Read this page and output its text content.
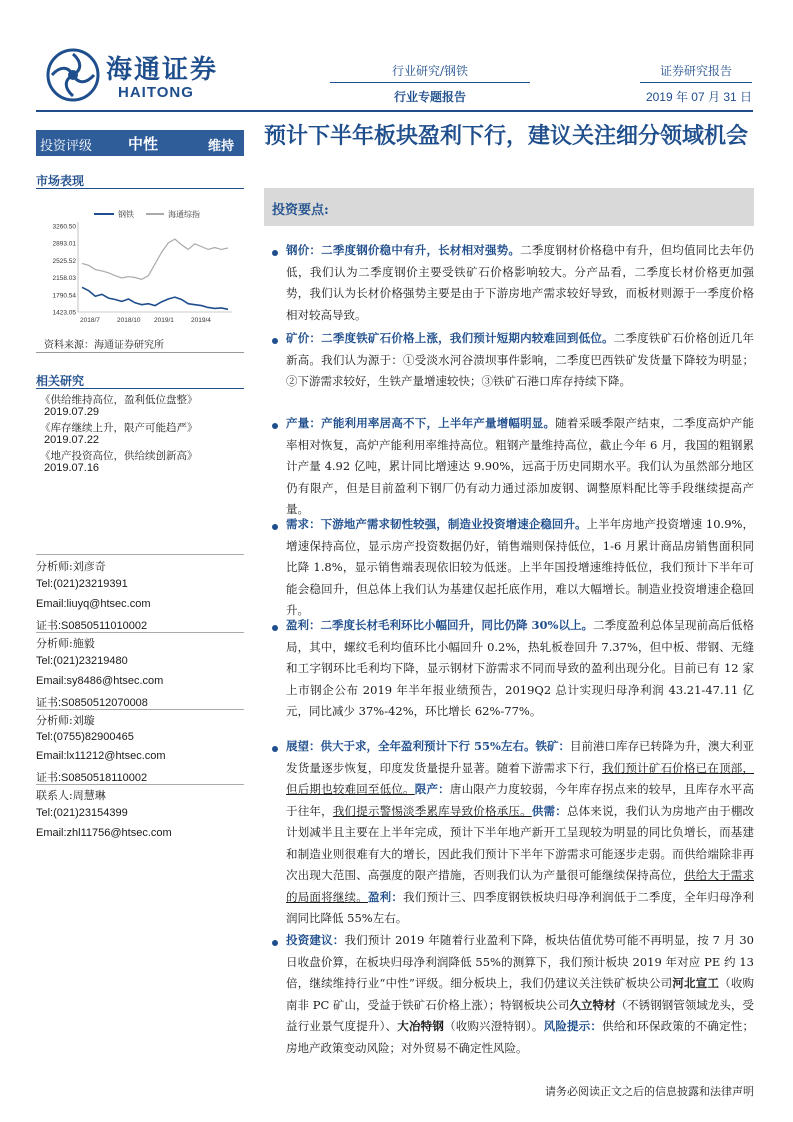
海通证券
HAITONG
行业研究/钢铁
行业专题报告
证券研究报告
2019 年 07 月 31 日
投资评级 中性	维持 预计下半年板块盈利下行，建议关注细分领域机会
市场表现
钢铁	海通综指
3260.50
2893.01
2525.52
2158.03
1790.54
1423.05
2018/7	2018/10 2019/1	2019/4
资料来源：海通证券研究所
相关研究
《供给维持高位，盈利低位盘整》
2019.07.29
《库存继续上升，限产可能趋严》
2019.07.22
《地产投资高位，供给续创新高》
2019.07.16
分析师:刘彦奇
Tel:(021)23219391
Email:liuyq@htsec.com
证书:S0850511010002
分析师:施毅
Tel:(021)23219480
Email:sy8486@htsec.com
证书:S0850512070008
分析师:刘璇
Tel:(0755)82900465
Email:lx11212@htsec.com
证书:S0850518110002
联系人:周慧琳
Tel:(021)23154399
Email:zhl11756@htsec.com
投资要点:
钢价：二季度钢价稳中有升，长材相对强势。二季度钢材价格稳中有升，但均值同比去年仍低，我们认为二季度钢价主要受铁矿石价格影响较大。分产品看，二季度长材价格更加强势，我们认为长材价格强势主要是由于下游房地产需求较好导致，而板材则源于一季度价格相对较高导致。
矿价：二季度铁矿石价格上涨，我们预计短期内较难回到低位。二季度铁矿石价格创近几年新高。我们认为源于：①受淡水河谷溃坝事件影响，二季度巴西铁矿发货量下降较为明显；②下游需求较好，生铁产量增速较快；③铁矿石港口库存持续下降。
产量：产能利用率居高不下，上半年产量增幅明显。随着采暖季限产结束，二季度高炉产能率相对恢复，高炉产能利用率维持高位。粗钢产量维持高位，截止今年 6 月，我国的粗钢累计产量 4.92 亿吨，累计同比增速达 9.90%，远高于历史同期水平。我们认为虽然部分地区仍有限产，但是目前盈利下钢厂仍有动力通过添加废钢、调整原料配比等手段继续提高产量。
需求：下游地产需求韧性较强，制造业投资增速企稳回升。上半年房地产投资增速 10.9%，增速保持高位，显示房产投资数据仍好，销售端则保持低位，1-6 月累计商品房销售面积同比降 1.8%，显示销售端表现依旧较为低迷。上半年国投增速维持低位，我们预计下半年可能会稳回升，但总体上我们认为基建仅起托底作用，难以大幅增长。制造业投资增速企稳回升。
盈利：二季度长材毛利环比小幅回升，同比仍降 30%以上。二季度盈利总体呈现前高后低格局，其中，螺纹毛利均值环比小幅回升 0.2%，热轧板卷回升 7.37%，但中板、带钢、无缝和工字钢环比毛利均下降，显示钢材下游需求不同而导致的盈利出现分化。目前已有 12 家上市钢企公布 2019 年半年报业绩预告，2019Q2 总计实现归母净利润 43.21-47.11 亿元，同比减少 37%-42%，环比增长 62%-77%。
展望：供大于求，全年盈利预计下行 55%左右。铁矿：目前港口库存已转降为升，澳大利亚发货量逐步恢复，印度发货量提升显著。随着下游需求下行，我们预计矿石价格已在顶部，但后期也较难回至低位。限产：唐山限产力度较弱，今年库存拐点来的较早，且库存水平高于往年，我们提示警惕淡季累库导致价格承压。供需：总体来说，我们认为房地产由于棚改计划减半且主要在上半年完成，预计下半年地产新开工呈现较为明显的同比负增长，而基建和制造业则很难有大的增长，因此我们预计下半年下游需求可能逐步走弱。而供给端除非再次出现大范围、高强度的限产措施，否则我们认为产量很可能继续保持高位，供给大于需求的局面将继续。盈利：我们预计三、四季度钢铁板块归母净利润低于二季度，全年归母净利润同比降低 55%左右。
投资建议：我们预计 2019 年随着行业盈利下降，板块估值优势可能不再明显，按 7 月 30 日收盘价算，在板块归母净利润降低 55%的测算下，我们预计板块 2019 年对应 PE 约 13 倍，继续维持行业“中性”评级。细分板块上，我们仍建议关注铁矿板块公司河北宣工（收购南非 PC 矿山，受益于铁矿石价格上涨）；特钢板块公司久立特材（不锈钢钢管领域龙头，受益行业景气度提升）、大冶特钢（收购兴澄特钢）。风险提示：供给和环保政策的不确定性；房地产政策变动风险；对外贸易不确定性风险。
请务必阅读正文之后的信息披露和法律声明
